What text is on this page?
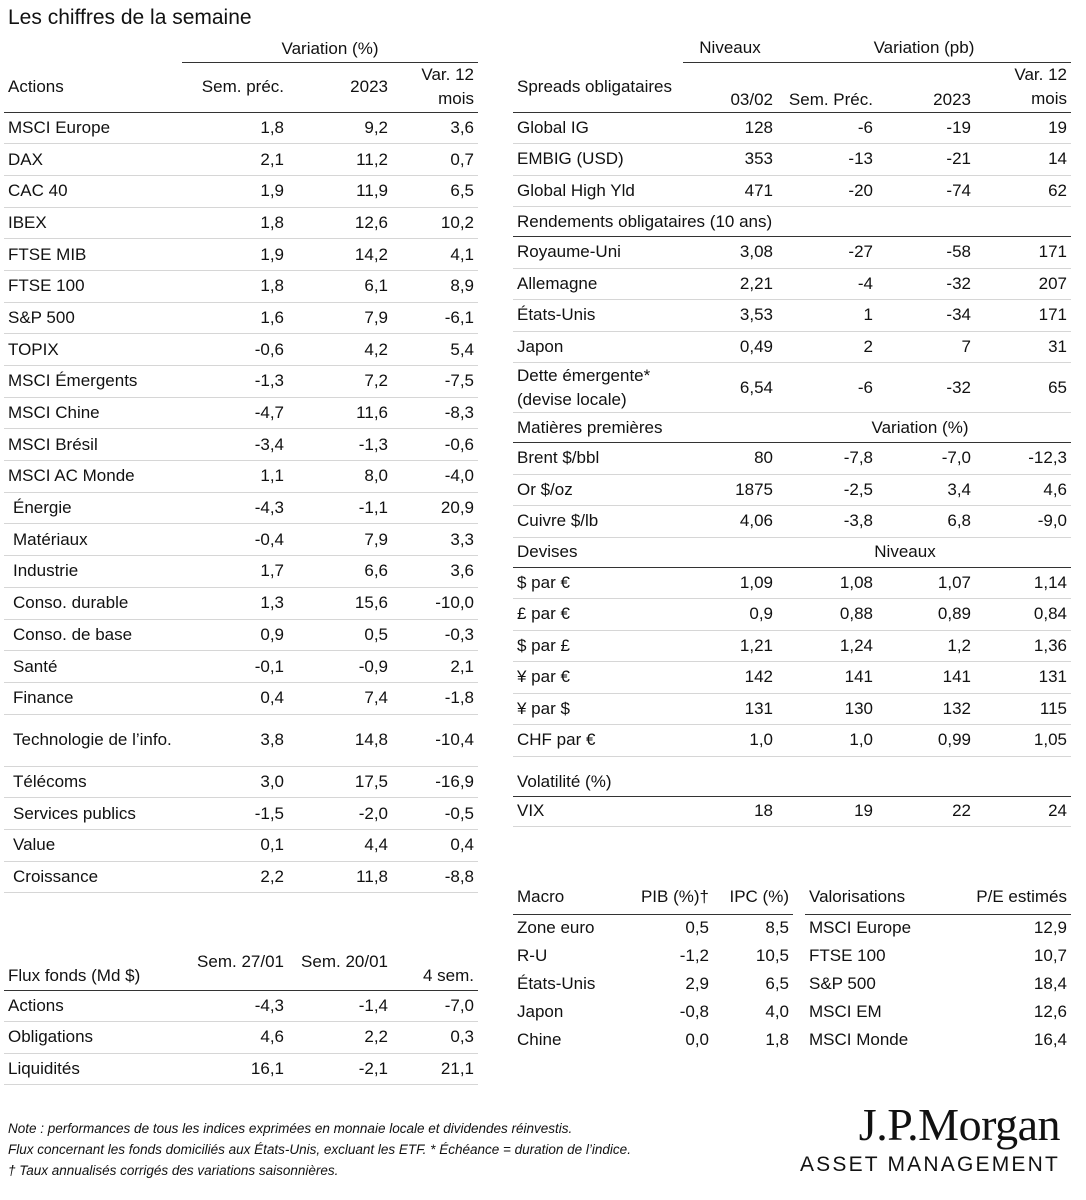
Les chiffres de la semaine
	Variation (%)		
Actions	Sem. préc.	2023	Var. 12 mois
MSCI Europe	1,8	9,2	3,6
DAX	2,1	11,2	0,7
CAC 40	1,9	11,9	6,5
IBEX	1,8	12,6	10,2
FTSE MIB	1,9	14,2	4,1
FTSE 100	1,8	6,1	8,9
S&P 500	1,6	7,9	-6,1
TOPIX	-0,6	4,2	5,4
MSCI Émergents	-1,3	7,2	-7,5
MSCI Chine	-4,7	11,6	-8,3
MSCI Brésil	-3,4	-1,3	-0,6
MSCI AC Monde	1,1	8,0	-4,0
Énergie	-4,3	-1,1	20,9
Matériaux	-0,4	7,9	3,3
Industrie	1,7	6,6	3,6
Conso. durable	1,3	15,6	-10,0
Conso. de base	0,9	0,5	-0,3
Santé	-0,1	-0,9	2,1
Finance	0,4	7,4	-1,8
Technologie de l’info.	3,8	14,8	-10,4
Télécoms	3,0	17,5	-16,9
Services publics	-1,5	-2,0	-0,5
Value	0,1	4,4	0,4
Croissance	2,2	11,8	-8,8
Flux fonds (Md $)	Sem. 27/01	Sem. 20/01	4 sem.
Actions	-4,3	-1,4	-7,0
Obligations	4,6	2,2	0,3
Liquidités	16,1	-2,1	21,1
	Niveaux	Variation (pb)		
Spreads obligataires	03/02	Sem. Préc.	2023	Var. 12 mois
Global IG	128	-6	-19	19
EMBIG (USD)	353	-13	-21	14
Global High Yld	471	-20	-74	62
Rendements obligataires (10 ans)				
Royaume-Uni	3,08	-27	-58	171
Allemagne	2,21	-4	-32	207
États-Unis	3,53	1	-34	171
Japon	0,49	2	7	31
Dette émergente* (devise locale)	6,54	-6	-32	65
Matières premières	Variation (%)			
Brent $/bbl	80	-7,8	-7,0	-12,3
Or $/oz	1875	-2,5	3,4	4,6
Cuivre $/lb	4,06	-3,8	6,8	-9,0
Devises	Niveaux			
$ par €	1,09	1,08	1,07	1,14
£ par €	0,9	0,88	0,89	0,84
$ par £	1,21	1,24	1,2	1,36
¥ par €	142	141	141	131
¥ par $	131	130	132	115
CHF par €	1,0	1,0	0,99	1,05
Volatilité (%)				
VIX	18	19	22	24
Macro	PIB (%)†	IPC (%)
Zone euro	0,5	8,5
R-U	-1,2	10,5
États-Unis	2,9	6,5
Japon	-0,8	4,0
Chine	0,0	1,8
Valorisations	P/E estimés
MSCI Europe	12,9
FTSE 100	10,7
S&P 500	18,4
MSCI EM	12,6
MSCI Monde	16,4
Note : performances de tous les indices exprimées en monnaie locale et dividendes réinvestis.
Flux concernant les fonds domiciliés aux États-Unis, excluant les ETF. * Échéance = duration de l’indice.
† Taux annualisés corrigés des variations saisonnières.
J.P.Morgan
ASSET MANAGEMENT
